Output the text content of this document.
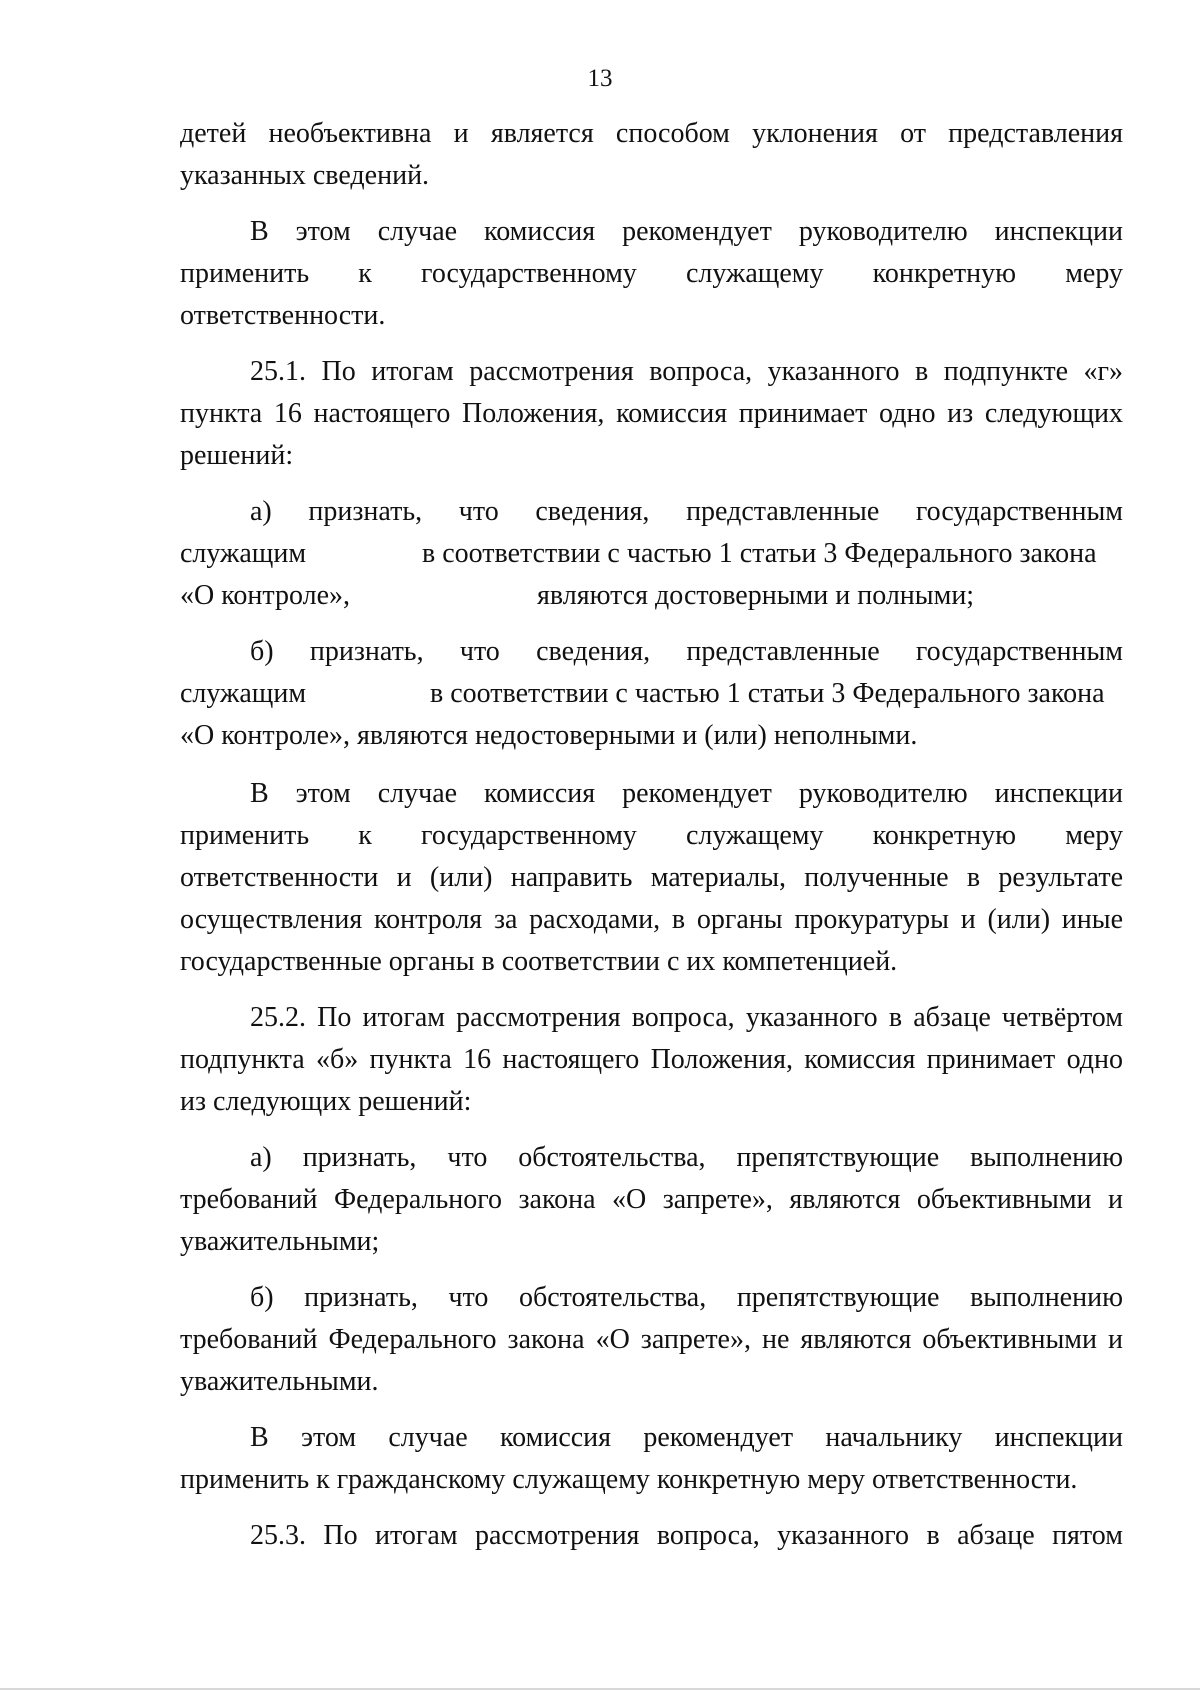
13
детей необъективна и является способом уклонения от представления
указанных сведений.
В этом случае комиссия рекомендует руководителю инспекции
применить к государственному служащему конкретную меру
ответственности.
25.1. По итогам рассмотрения вопроса, указанного в подпункте «г»
пункта 16 настоящего Положения, комиссия принимает одно из следующих
решений:
а) признать, что сведения, представленные государственным
служащим	в соответствии с частью 1 статьи 3 Федерального закона
«О контроле»,	являются достоверными и полными;
б) признать, что сведения, представленные государственным
служащим	в соответствии с частью 1 статьи 3 Федерального закона
«О контроле», являются недостоверными и (или) неполными.
В этом случае комиссия рекомендует руководителю инспекции
применить к государственному служащему конкретную меру
ответственности и (или) направить материалы, полученные в результате
осуществления контроля за расходами, в органы прокуратуры и (или) иные
государственные органы в соответствии с их компетенцией.
25.2. По итогам рассмотрения вопроса, указанного в абзаце четвёртом
подпункта «б» пункта 16 настоящего Положения, комиссия принимает одно
из следующих решений:
а) признать, что обстоятельства, препятствующие выполнению
требований Федерального закона «О запрете», являются объективными и
уважительными;
б) признать, что обстоятельства, препятствующие выполнению
требований Федерального закона «О запрете», не являются объективными и
уважительными.
В этом случае комиссия рекомендует начальнику инспекции
применить к гражданскому служащему конкретную меру ответственности.
25.3. По итогам рассмотрения вопроса, указанного в абзаце пятом
